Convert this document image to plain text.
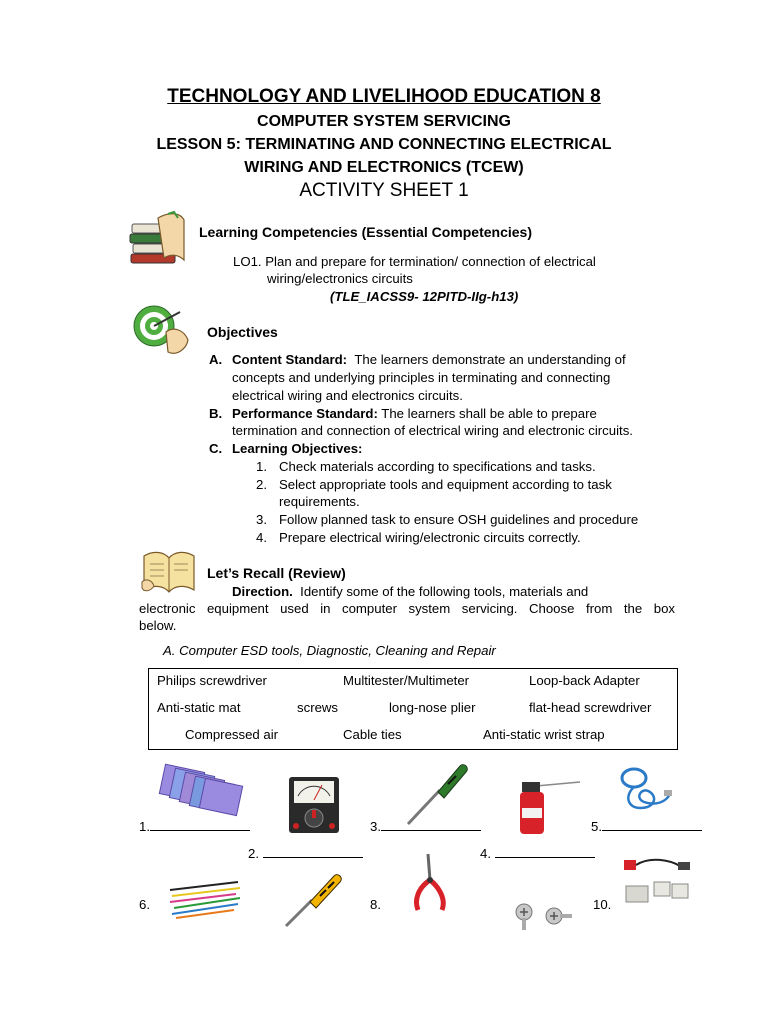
TECHNOLOGY AND LIVELIHOOD EDUCATION 8
COMPUTER SYSTEM SERVICING
LESSON 5: TERMINATING AND CONNECTING ELECTRICAL
WIRING AND ELECTRONICS (TCEW)
ACTIVITY SHEET 1
Learning Competencies (Essential Competencies)
LO1. Plan and prepare for termination/ connection of electrical
wiring/electronics circuits
(TLE_IACSS9- 12PITD-IIg-h13)
Objectives
A. Content Standard: The learners demonstrate an understanding of
concepts and underlying principles in terminating and connecting
electrical wiring and electronics circuits.
B. Performance Standard: The learners shall be able to prepare
termination and connection of electrical wiring and electronic circuits.
C. Learning Objectives:
1. Check materials according to specifications and tasks.
2. Select appropriate tools and equipment according to task
requirements.
3. Follow planned task to ensure OSH guidelines and procedure
4. Prepare electrical wiring/electronic circuits correctly.
Let’s Recall (Review)
Direction. Identify some of the following tools, materials and
electronic equipment used in computer system servicing. Choose from the box
below.
A. Computer ESD tools, Diagnostic, Cleaning and Repair
Philips screwdriver	Multitester/Multimeter	Loop-back Adapter
Anti-static mat	screws	long-nose plier	flat-head screwdriver
Compressed air	Cable ties	Anti-static wrist strap
1.	3.	5.
2.	4.
6.	8.	10.
